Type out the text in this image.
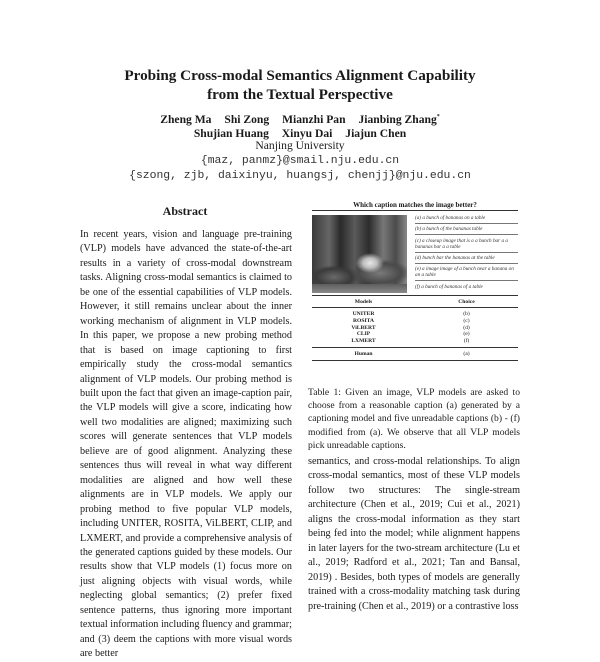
Probing Cross-modal Semantics Alignment Capability
from the Textual Perspective
Zheng Ma Shi Zong Mianzhi Pan Jianbing Zhang*
Shujian Huang Xinyu Dai Jiajun Chen
Nanjing University
{maz, panmz}@smail.nju.edu.cn
{szong, zjb, daixinyu, huangsj, chenjj}@nju.edu.cn
Abstract
In recent years, vision and language pre-training (VLP) models have advanced the state-of-the-art results in a variety of cross-modal downstream tasks. Aligning cross-modal semantics is claimed to be one of the essential capabilities of VLP models. However, it still remains unclear about the inner working mechanism of alignment in VLP models. In this paper, we propose a new probing method that is based on image captioning to first empirically study the cross-modal semantics alignment of VLP models. Our probing method is built upon the fact that given an image-caption pair, the VLP models will give a score, indicating how well two modalities are aligned; maximizing such scores will generate sentences that VLP models believe are of good alignment. Analyzing these sentences thus will reveal in what way different modalities are aligned and how well these alignments are in VLP models. We apply our probing method to five popular VLP models, including UNITER, ROSITA, ViLBERT, CLIP, and LXMERT, and provide a comprehensive analysis of the generated captions guided by these models. Our results show that VLP models (1) focus more on just aligning objects with visual words, while neglecting global semantics; (2) prefer fixed sentence patterns, thus ignoring more important textual information including fluency and grammar; and (3) deem the captions with more visual words are better
Which caption matches the image better?
(a) a bunch of bananas on a table
(b) a bunch of the bananas table
(c) a closeup image that is a a bunch bar a a bananas bar a a table
(d) bunch bar the bananas at the table
(e) a image image of a bunch near a banana on an a table
(f) a bunch of bananas of a table
Models	Choice
UNITER	(b)
ROSITA	(c)
ViLBERT	(d)
CLIP	(e)
LXMERT	(f)
Human	(a)
Table 1: Given an image, VLP models are asked to choose from a reasonable caption (a) generated by a captioning model and five unreadable captions (b) - (f) modified from (a). We observe that all VLP models pick unreadable captions.
semantics, and cross-modal relationships. To align cross-modal semantics, most of these VLP models follow two structures: The single-stream architecture (Chen et al., 2019; Cui et al., 2021) aligns the cross-modal information as they start being fed into the model; while alignment happens in later layers for the two-stream architecture (Lu et al., 2019; Radford et al., 2021; Tan and Bansal, 2019) . Besides, both types of models are generally trained with a cross-modality matching task during pre-training (Chen et al., 2019) or a contrastive loss
